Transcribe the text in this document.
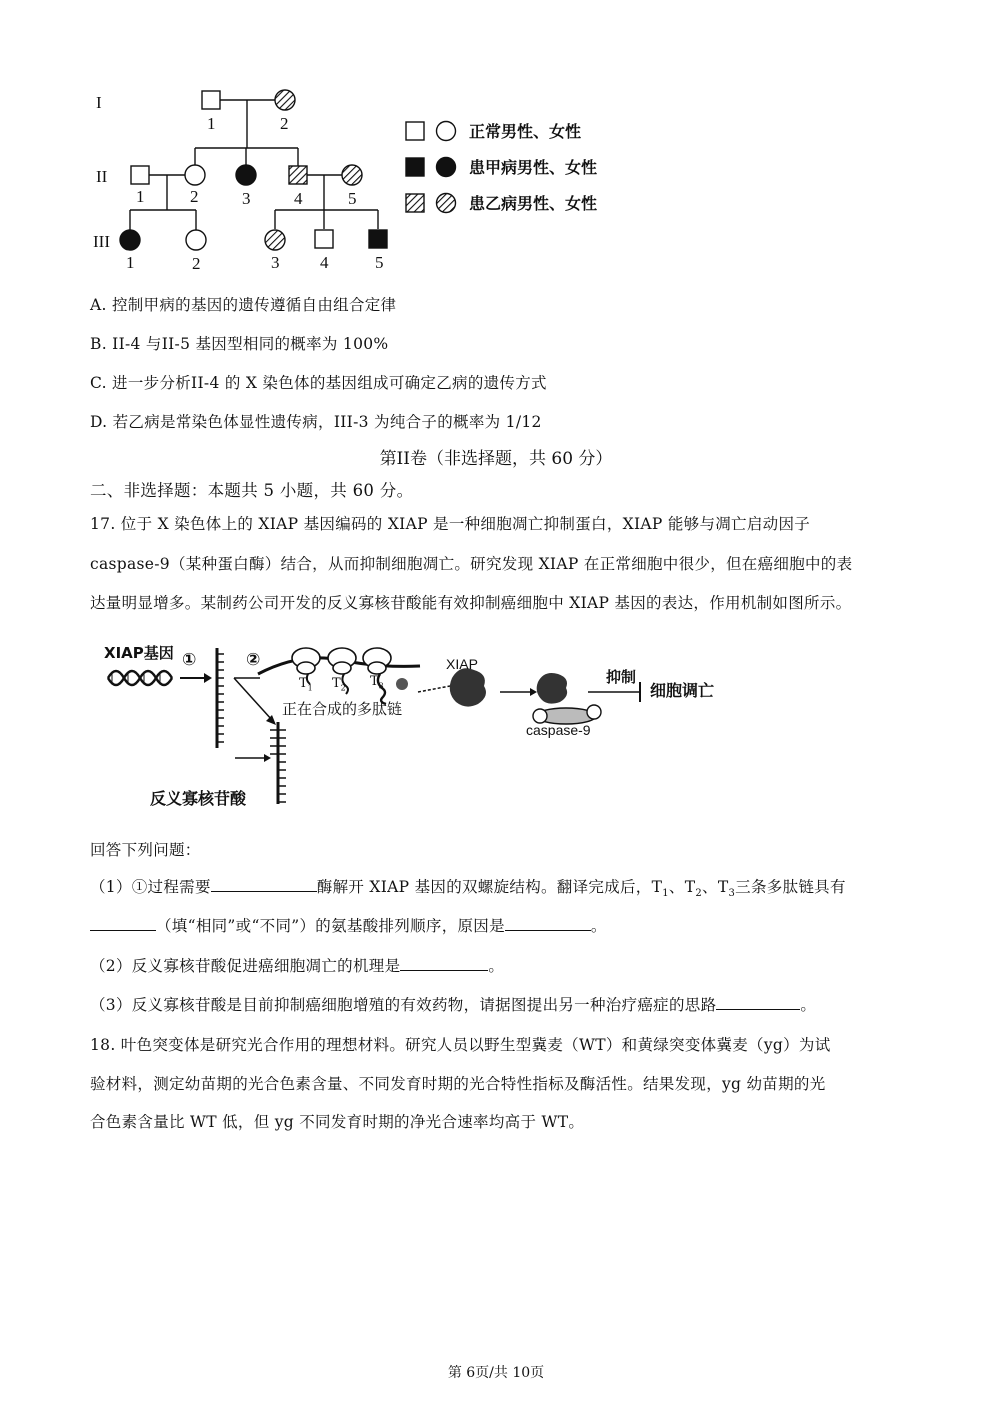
I
II
III
1	2
1	2	3	4	5
1	2	3 4	5
正常男性、女性
患甲病男性、女性
患乙病男性、女性
A. 控制甲病的基因的遗传遵循自由组合定律
B. II-4 与II-5 基因型相同的概率为 100%
C. 进一步分析II-4 的 X 染色体的基因组成可确定乙病的遗传方式
D. 若乙病是常染色体显性遗传病，III-3 为纯合子的概率为 1/12
第II卷（非选择题，共 60 分）
二、非选择题：本题共 5 小题，共 60 分。
17. 位于 X 染色体上的 XIAP 基因编码的 XIAP 是一种细胞凋亡抑制蛋白，XIAP 能够与凋亡启动因子
caspase-9（某种蛋白酶）结合，从而抑制细胞凋亡。研究发现 XIAP 在正常细胞中很少，但在癌细胞中的表
达量明显增多。某制药公司开发的反义寡核苷酸能有效抑制癌细胞中 XIAP 基因的表达，作用机制如图所示。
XIAP基因 ①	②
$T_1$ $T_2$ $T_3$
正在合成的多肽链
XIAP
抑制
细胞调亡
caspase-9
反义寡核苷酸
回答下列问题：
（1）①过程需要	酶解开 XIAP 基因的双螺旋结构。翻译完成后，$T_1$、$T_2$、$T_3$三条多肽链具有
（填“相同”或“不同”）的氨基酸排列顺序，原因是	。
（2）反义寡核苷酸促进癌细胞凋亡的机理是	。
（3）反义寡核苷酸是目前抑制癌细胞增殖的有效药物，请据图提出另一种治疗癌症的思路	。
18. 叶色突变体是研究光合作用的理想材料。研究人员以野生型冀麦（WT）和黄绿突变体冀麦（yg）为试
验材料，测定幼苗期的光合色素含量、不同发育时期的光合特性指标及酶活性。结果发现，yg 幼苗期的光
合色素含量比 WT 低，但 yg 不同发育时期的净光合速率均高于 WT。
第 6页/共 10页
